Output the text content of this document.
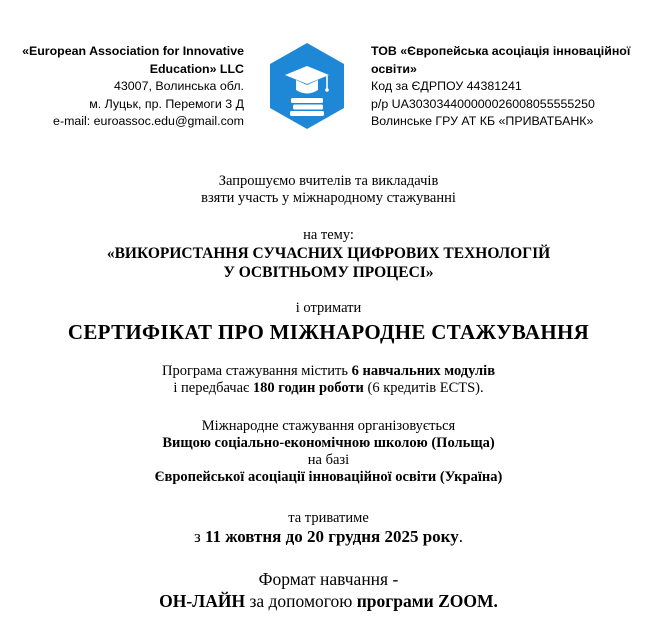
«European Association for Innovative
Education» LLC
43007, Волинська обл.
м. Луцьк, пр. Перемоги 3 Д
e-mail: euroassoc.edu@gmail.com
ТОВ «Європейська асоціація інноваційної
освіти»
Код за ЄДРПОУ 44381241
р/р UA303034400000026008055555250
Волинське ГРУ АТ КБ «ПРИВАТБАНК»
Запрошуємо вчителів та викладачів
взяти участь у міжнародному стажуванні
на тему:
«ВИКОРИСТАННЯ СУЧАСНИХ ЦИФРОВИХ ТЕХНОЛОГІЙ
У ОСВІТНЬОМУ ПРОЦЕСІ»
і отримати
СЕРТИФІКАТ ПРО МІЖНАРОДНЕ СТАЖУВАННЯ
Програма стажування містить 6 навчальних модулів
і передбачає 180 годин роботи (6 кредитів ECTS).
Міжнародне стажування організовується
Вищою соціально-економічною школою (Польща)
на базі
Європейської асоціації інноваційної освіти (Україна)
та триватиме
з 11 жовтня до 20 грудня 2025 року.
Формат навчання -
ОН-ЛАЙН за допомогою програми ZOOM.
